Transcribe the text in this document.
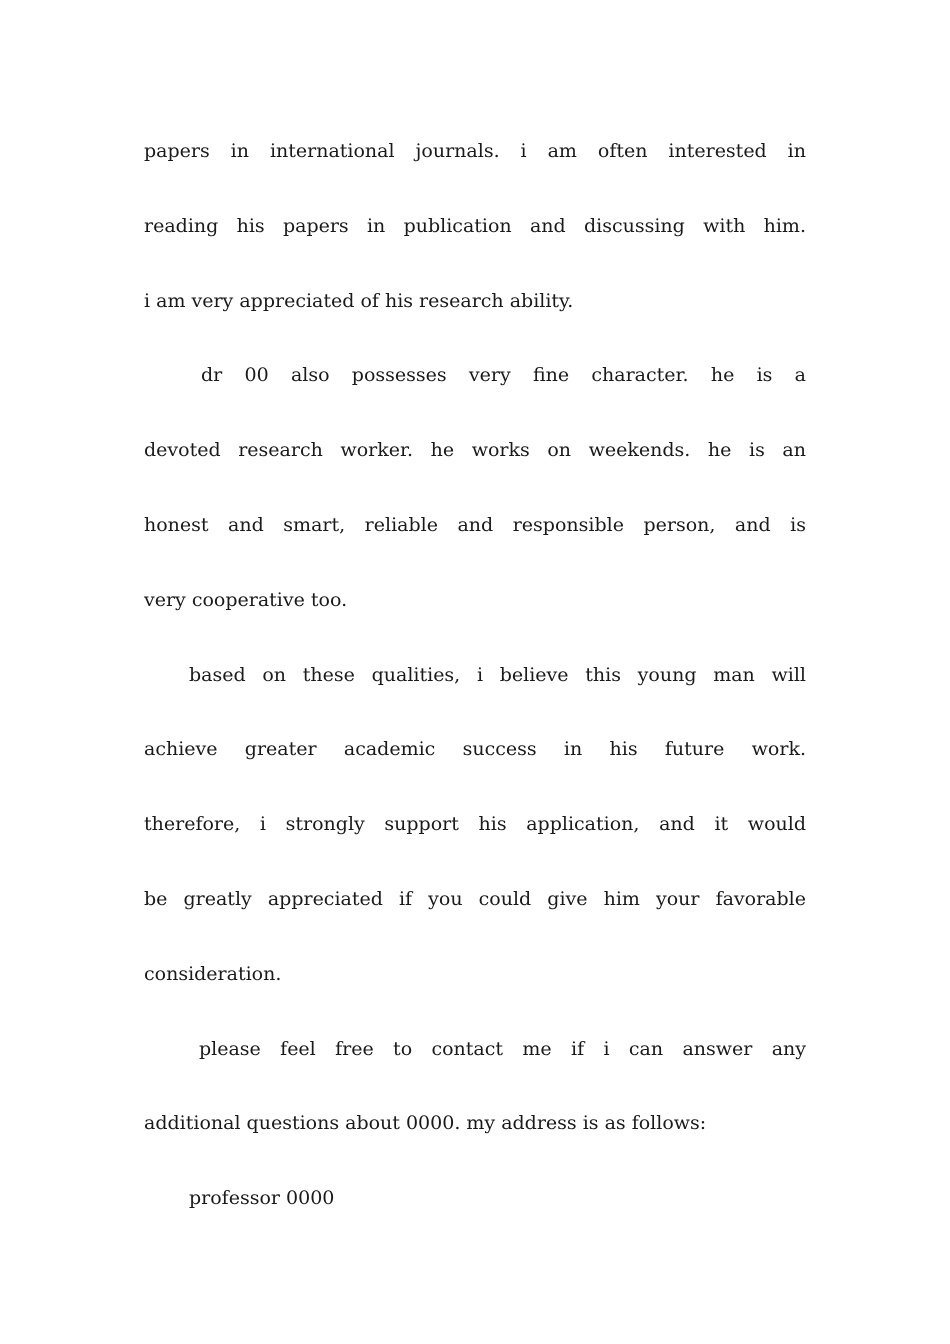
papers in international journals. i am often interested in
reading his papers in publication and discussing with him.
i am very appreciated of his research ability.
dr 00 also possesses very fine character. he is a
devoted research worker. he works on weekends. he is an
honest and smart, reliable and responsible person, and is
very cooperative too.
based on these qualities, i believe this young man will
achieve greater academic success in his future work.
therefore, i strongly support his application, and it would
be greatly appreciated if you could give him your favorable
consideration.
please feel free to contact me if i can answer any
additional questions about 0000. my address is as follows:
professor 0000
